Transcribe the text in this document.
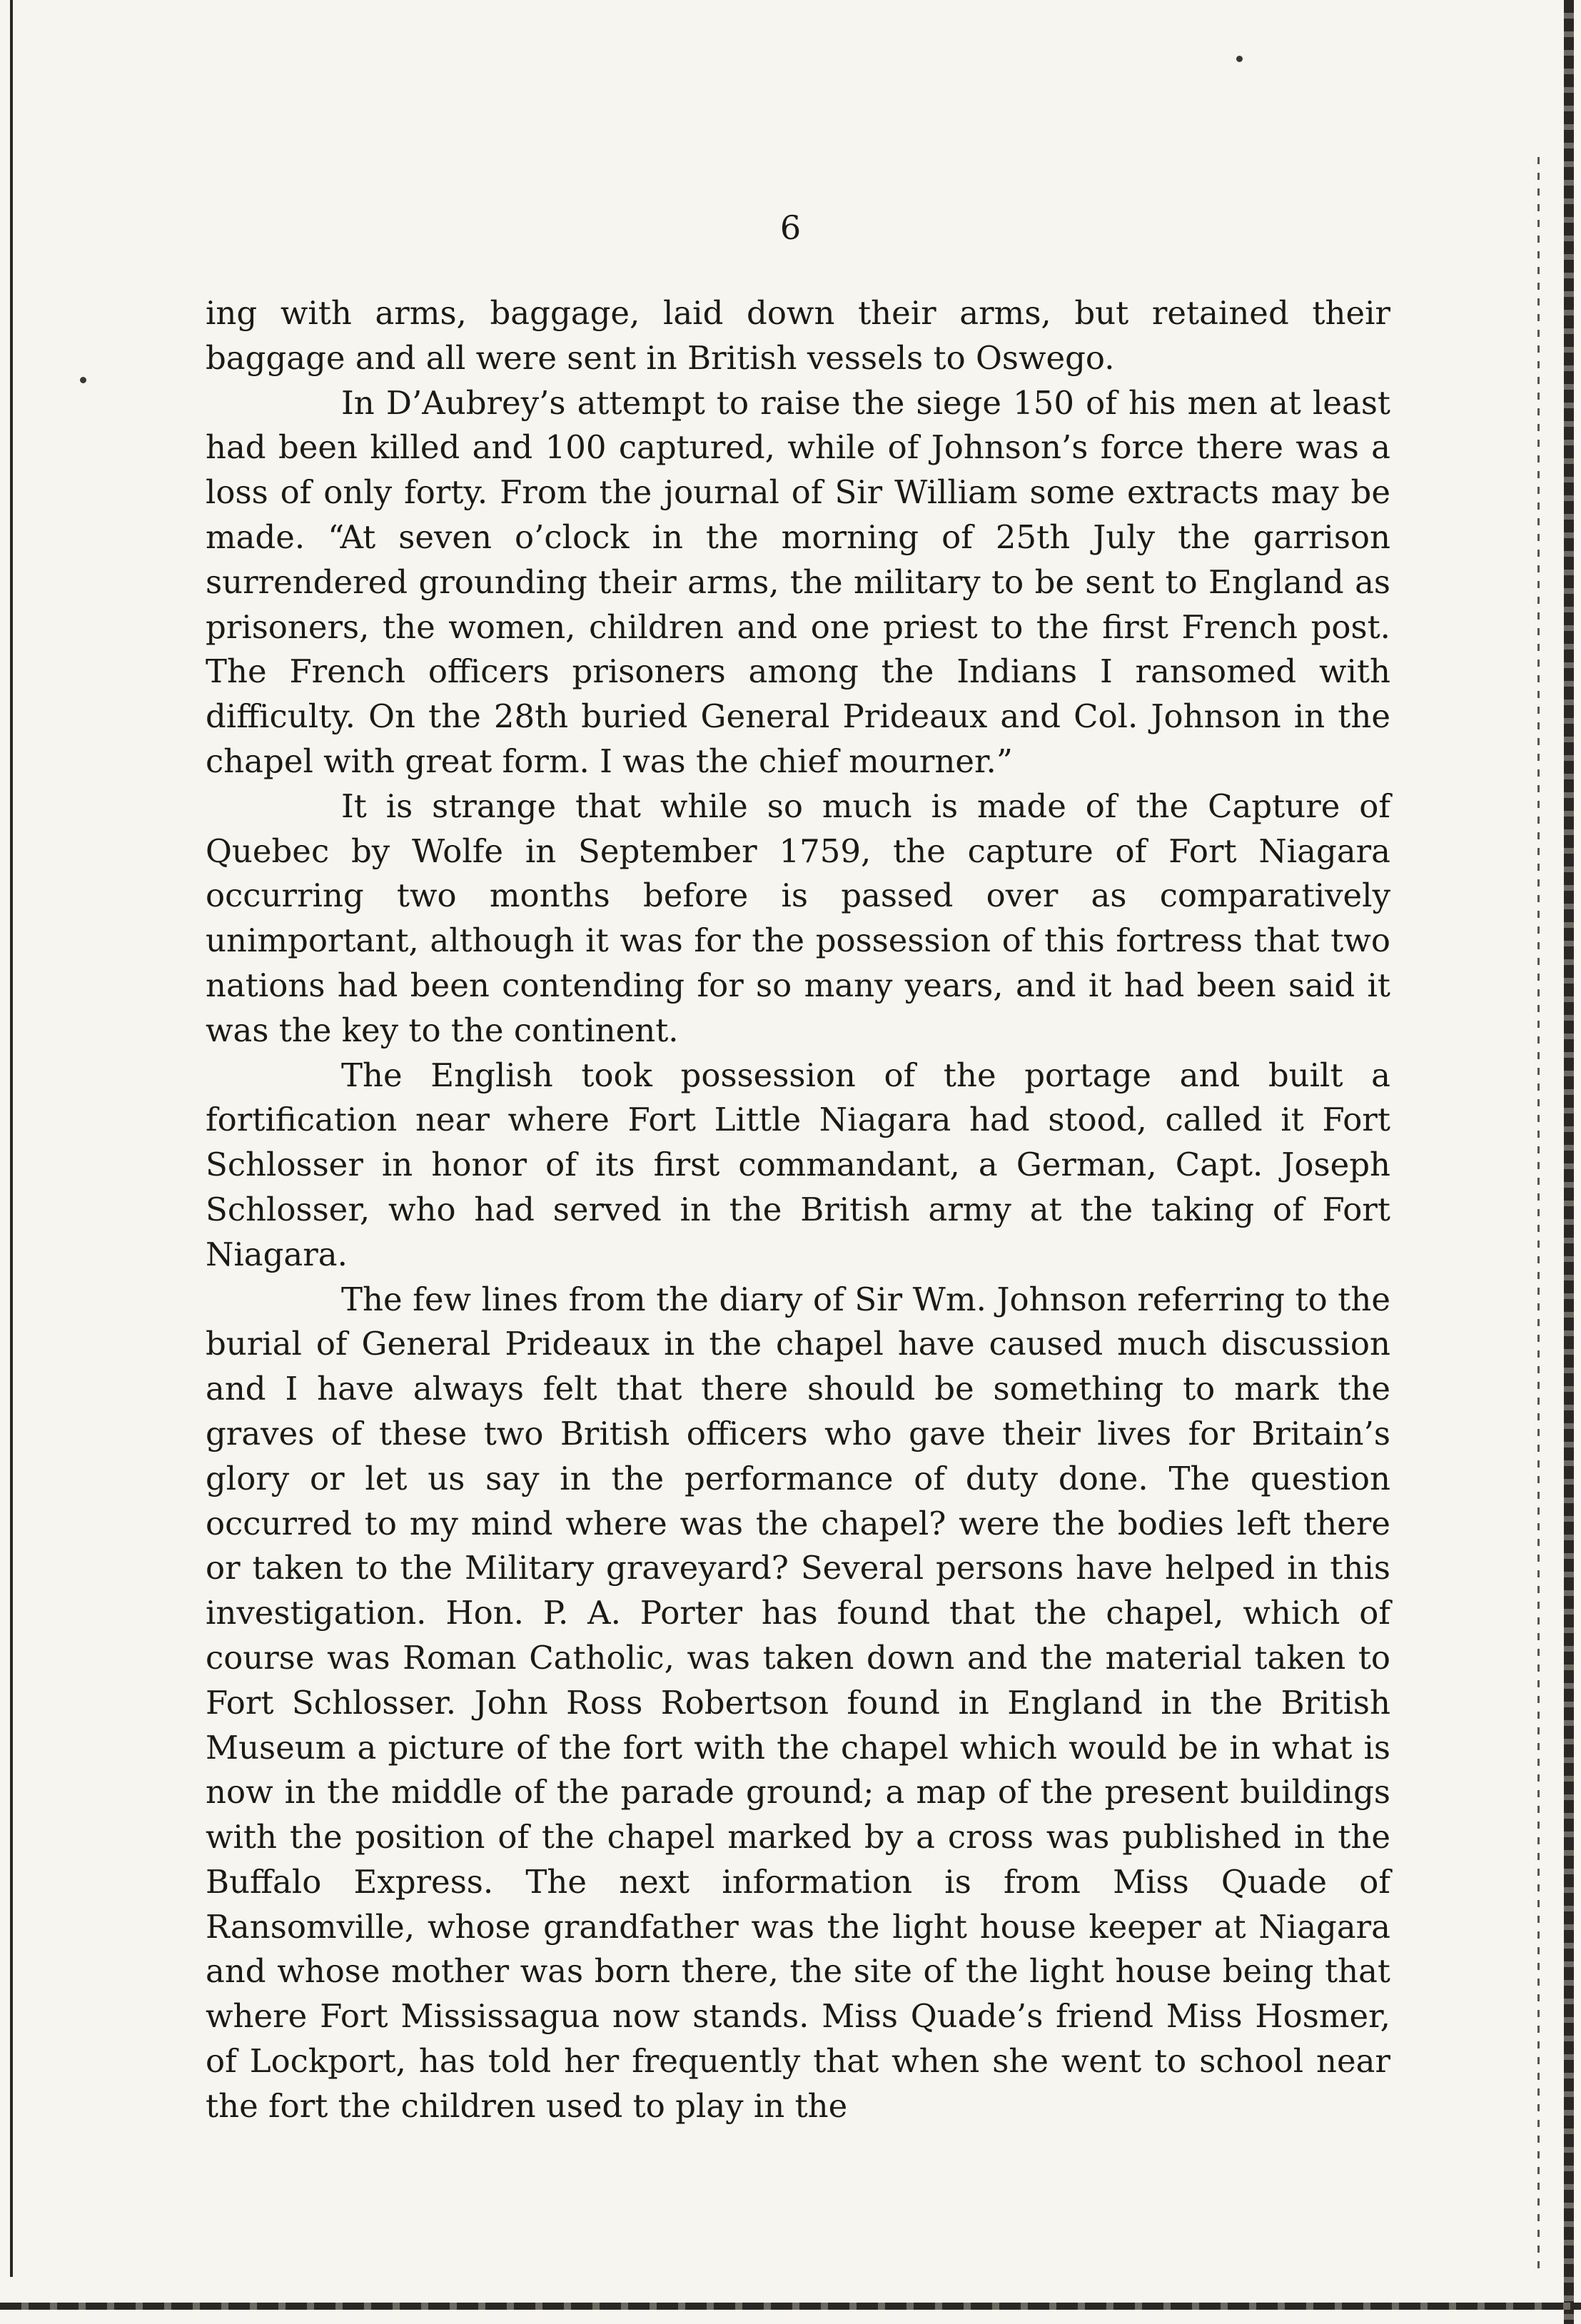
6

ing with arms, baggage, laid down their arms, but retained their baggage and all were sent in British vessels to Oswego.

In D’Aubrey’s attempt to raise the siege 150 of his men at least had been killed and 100 captured, while of Johnson’s force there was a loss of only forty. From the journal of Sir William some extracts may be made. “At seven o’clock in the morning of 25th July the garrison surrendered grounding their arms, the military to be sent to England as prisoners, the women, children and one priest to the first French post. The French officers prisoners among the Indians I ransomed with difficulty. On the 28th buried General Prideaux and Col. Johnson in the chapel with great form. I was the chief mourner.”

It is strange that while so much is made of the Capture of Quebec by Wolfe in September 1759, the capture of Fort Niagara occurring two months before is passed over as comparatively unimportant, although it was for the possession of this fortress that two nations had been contending for so many years, and it had been said it was the key to the continent.

The English took possession of the portage and built a fortification near where Fort Little Niagara had stood, called it Fort Schlosser in honor of its first commandant, a German, Capt. Joseph Schlosser, who had served in the British army at the taking of Fort Niagara.

The few lines from the diary of Sir Wm. Johnson referring to the burial of General Prideaux in the chapel have caused much discussion and I have always felt that there should be something to mark the graves of these two British officers who gave their lives for Britain’s glory or let us say in the performance of duty done. The question occurred to my mind where was the chapel? were the bodies left there or taken to the Military graveyard? Several persons have helped in this investigation. Hon. P. A. Porter has found that the chapel, which of course was Roman Catholic, was taken down and the material taken to Fort Schlosser. John Ross Robertson found in England in the British Museum a picture of the fort with the chapel which would be in what is now in the middle of the parade ground; a map of the present buildings with the position of the chapel marked by a cross was published in the Buffalo Express. The next information is from Miss Quade of Ransomville, whose grandfather was the light house keeper at Niagara and whose mother was born there, the site of the light house being that where Fort Mississagua now stands. Miss Quade’s friend Miss Hosmer, of Lockport, has told her frequently that when she went to school near the fort the children used to play in the
